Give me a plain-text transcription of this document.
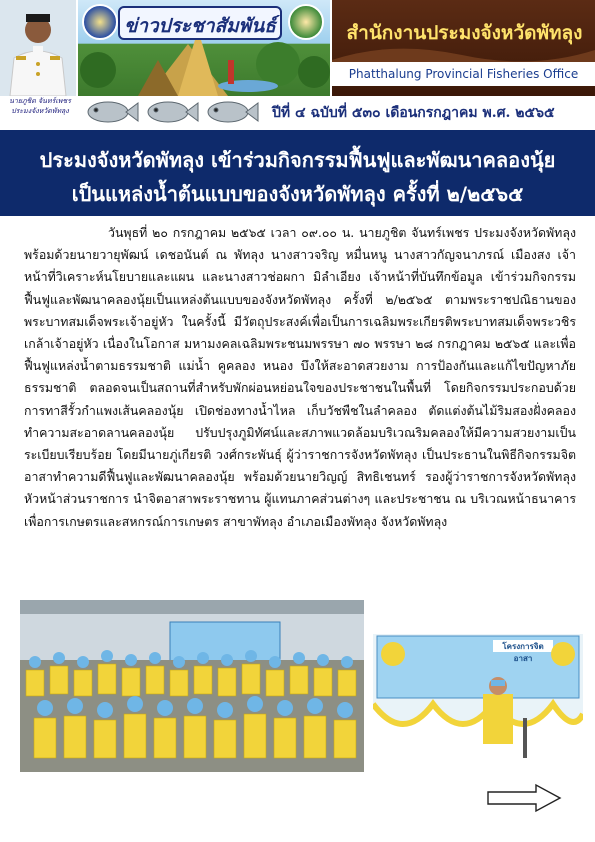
นายภูชิต จันทร์เพชร
ประมงจังหวัดพัทลุง
ข่าวประชาสัมพันธ์	สำนักงานประมงจังหวัดพัทลุง
Phatthalung Provincial Fisheries Office
ปีที่ ๔ ฉบับที่ ๕๓๐ เดือนกรกฎาคม พ.ศ. ๒๕๖๕
ประมงจังหวัดพัทลุง เข้าร่วมกิจกรรมฟื้นฟูและพัฒนาคลองนุ้ย
เป็นแหล่งน้ำต้นแบบของจังหวัดพัทลุง ครั้งที่ ๒/๒๕๖๕
วันพุธที่ ๒๐ กรกฎาคม ๒๕๖๕ เวลา ๐๙.๐๐ น. นายภูชิต จันทร์เพชร ประมงจังหวัดพัทลุง พร้อมด้วยนายวายุพัฒน์ เดชอนันต์ ณ พัทลุง นางสาวจริญ หมื่นหนู นางสาวกัญจนาภรณ์ เมืองสง เจ้าหน้าที่วิเคราะห์นโยบายและแผน และนางสาวช่อผกา มิลำเอียง เจ้าหน้าที่บันทึกข้อมูล เข้าร่วมกิจกรรมฟื้นฟูและพัฒนาคลองนุ้ยเป็นแหล่งต้นแบบของจังหวัดพัทลุง ครั้งที่ ๒/๒๕๖๕ ตามพระราชปณิธานของพระบาทสมเด็จพระเจ้าอยู่หัว ในครั้งนี้ มีวัตถุประสงค์เพื่อเป็นการเฉลิมพระเกียรติพระบาทสมเด็จพระวชิรเกล้าเจ้าอยู่หัว เนื่องในโอกาส มหามงคลเฉลิมพระชนมพรรษา ๗๐ พรรษา ๒๘ กรกฎาคม ๒๕๖๕ และเพื่อฟื้นฟูแหล่งน้ำตามธรรมชาติ แม่น้ำ คูคลอง หนอง บึงให้สะอาดสวยงาม การป้องกันและแก้ไขปัญหาภัยธรรมชาติ ตลอดจนเป็นสถานที่สำหรับพักผ่อนหย่อนใจของประชาชนในพื้นที่ โดยกิจกรรมประกอบด้วยการทาสีรั้วกำแพงเส้นคลองนุ้ย เปิดช่องทางน้ำไหล เก็บวัชพืชในลำคลอง ตัดแต่งต้นไม้ริมสองฝั่งคลองทำความสะอาดลานคลองนุ้ย ปรับปรุงภูมิทัศน์และสภาพแวดล้อมบริเวณริมคลองให้มีความสวยงามเป็นระเบียบเรียบร้อย โดยมีนายภู่เกียรติ วงศ์กระพันธุ์ ผู้ว่าราชการจังหวัดพัทลุง เป็นประธานในพิธีกิจกรรมจิตอาสาทำความดีฟื้นฟูและพัฒนาคลองนุ้ย พร้อมด้วยนายวิญญ์ สิทธิเชนทร์ รองผู้ว่าราชการจังหวัดพัทลุง หัวหน้าส่วนราชการ นำจิตอาสาพระราชทาน ผู้แทนภาคส่วนต่างๆ และประชาชน ณ บริเวณหน้าธนาคารเพื่อการเกษตรและสหกรณ์การเกษตร สาขาพัทลุง อำเภอเมืองพัทลุง จังหวัดพัทลุง
โครงการจิตอาสา
